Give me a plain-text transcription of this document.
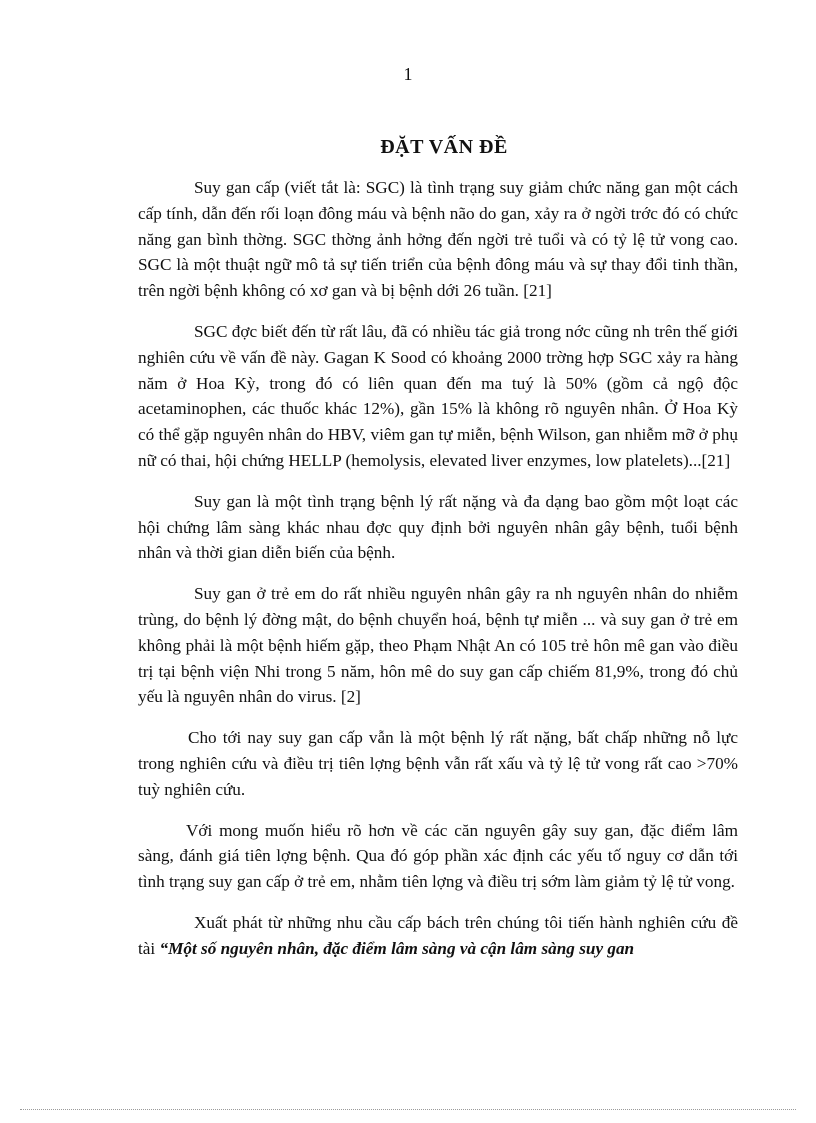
1
ĐẶT VẤN ĐỀ

Suy gan cấp (viết tắt là: SGC) là tình trạng suy giảm chức năng gan một cách cấp tính, dẫn đến rối loạn đông máu và bệnh não do gan, xảy ra ở ngời trớc đó có chức năng gan bình thờng. SGC thờng ảnh hởng đến ngời trẻ tuổi và có tỷ lệ tử vong cao. SGC là một thuật ngữ mô tả sự tiến triển của bệnh đông máu và sự thay đổi tinh thần, trên ngời bệnh không có xơ gan và bị bệnh dới 26 tuần. [21]

SGC đợc biết đến từ rất lâu, đã có nhiều tác giả trong nớc cũng nh trên thế giới nghiên cứu về vấn đề này. Gagan K Sood có khoảng 2000 trờng hợp SGC xảy ra hàng năm ở Hoa Kỳ, trong đó có liên quan đến ma tuý là 50% (gồm cả ngộ độc acetaminophen, các thuốc khác 12%), gần 15% là không rõ nguyên nhân. Ở Hoa Kỳ có thể gặp nguyên nhân do HBV, viêm gan tự miễn, bệnh Wilson, gan nhiễm mỡ ở phụ nữ có thai, hội chứng HELLP (hemolysis, elevated liver enzymes, low platelets)...[21]

Suy gan là một tình trạng bệnh lý rất nặng và đa dạng bao gồm một loạt các hội chứng lâm sàng khác nhau đợc quy định bởi nguyên nhân gây bệnh, tuổi bệnh nhân và thời gian diễn biến của bệnh.

Suy gan ở trẻ em do rất nhiều nguyên nhân gây ra nh nguyên nhân do nhiễm trùng, do bệnh lý đờng mật, do bệnh chuyển hoá, bệnh tự miễn ... và suy gan ở trẻ em không phải là một bệnh hiếm gặp, theo Phạm Nhật An có 105 trẻ hôn mê gan vào điều trị tại bệnh viện Nhi trong 5 năm, hôn mê do suy gan cấp chiếm 81,9%, trong đó chủ yếu là nguyên nhân do virus. [2]

Cho tới nay suy gan cấp vẫn là một bệnh lý rất nặng, bất chấp những nỗ lực trong nghiên cứu và điều trị tiên lợng bệnh vẫn rất xấu và tỷ lệ tử vong rất cao >70% tuỳ nghiên cứu.

Với mong muốn hiểu rõ hơn về các căn nguyên gây suy gan, đặc điểm lâm sàng, đánh giá tiên lợng bệnh. Qua đó góp phần xác định các yếu tố nguy cơ dẫn tới tình trạng suy gan cấp ở trẻ em, nhằm tiên lợng và điều trị sớm làm giảm tỷ lệ tử vong.

Xuất phát từ những nhu cầu cấp bách trên chúng tôi tiến hành nghiên cứu đề tài “Một số nguyên nhân, đặc điểm lâm sàng và cận lâm sàng suy gan
